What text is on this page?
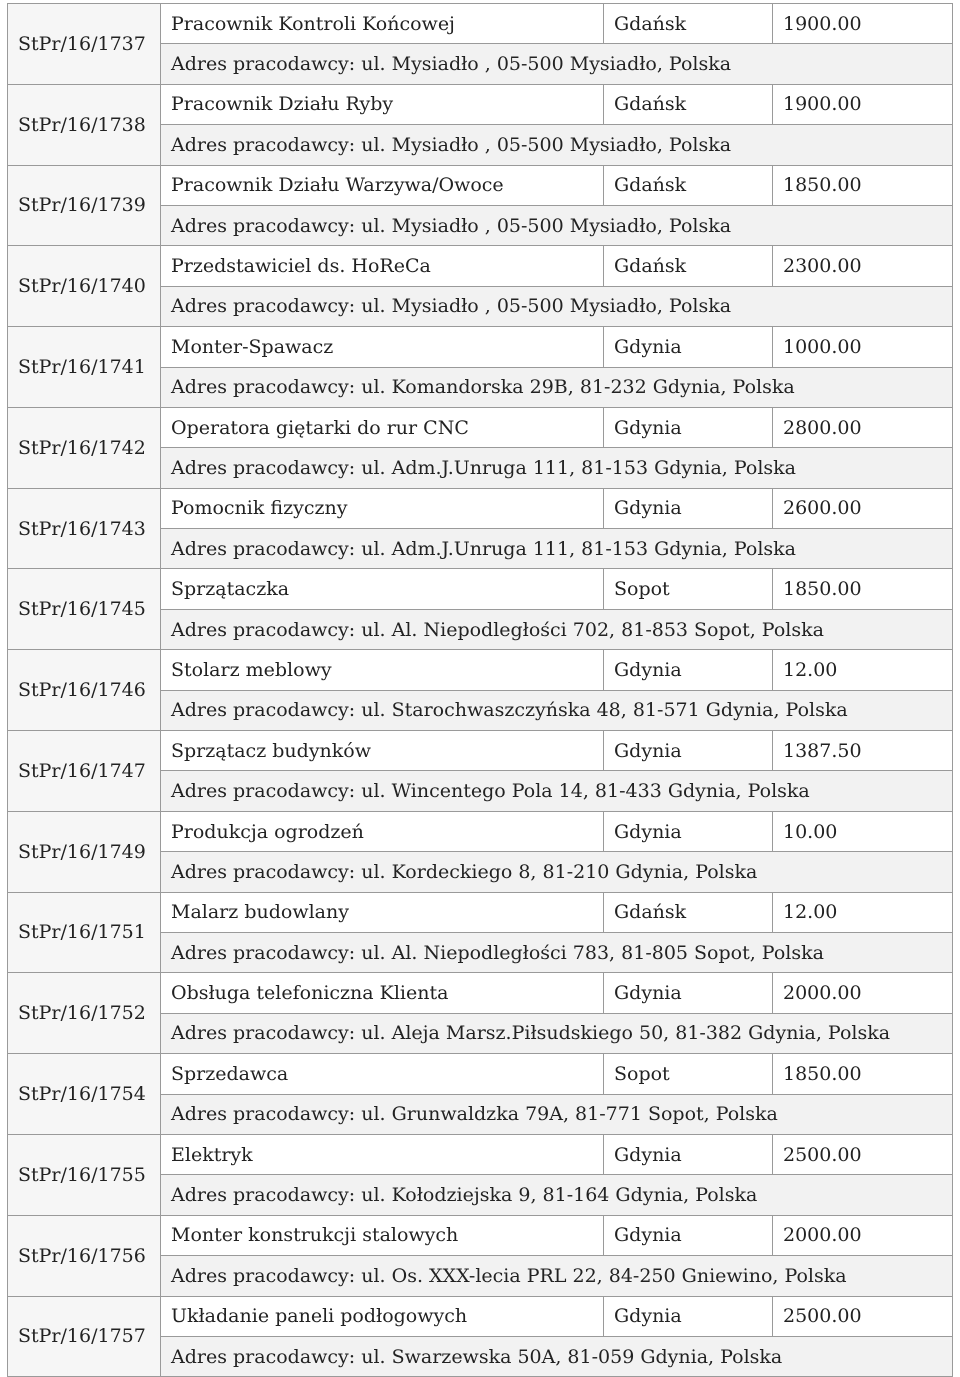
StPr/16/1737	Pracownik Kontroli Końcowej	Gdańsk	1900.00
	Adres pracodawcy: ul. Mysiadło , 05-500 Mysiadło, Polska		
StPr/16/1738	Pracownik Działu Ryby	Gdańsk	1900.00
	Adres pracodawcy: ul. Mysiadło , 05-500 Mysiadło, Polska		
StPr/16/1739	Pracownik Działu Warzywa/Owoce	Gdańsk	1850.00
	Adres pracodawcy: ul. Mysiadło , 05-500 Mysiadło, Polska		
StPr/16/1740	Przedstawiciel ds. HoReCa	Gdańsk	2300.00
	Adres pracodawcy: ul. Mysiadło , 05-500 Mysiadło, Polska		
StPr/16/1741	Monter-Spawacz	Gdynia	1000.00
	Adres pracodawcy: ul. Komandorska 29B, 81-232 Gdynia, Polska		
StPr/16/1742	Operatora giętarki do rur CNC	Gdynia	2800.00
	Adres pracodawcy: ul. Adm.J.Unruga 111, 81-153 Gdynia, Polska		
StPr/16/1743	Pomocnik fizyczny	Gdynia	2600.00
	Adres pracodawcy: ul. Adm.J.Unruga 111, 81-153 Gdynia, Polska		
StPr/16/1745	Sprzątaczka	Sopot	1850.00
	Adres pracodawcy: ul. Al. Niepodległości 702, 81-853 Sopot, Polska		
StPr/16/1746	Stolarz meblowy	Gdynia	12.00
	Adres pracodawcy: ul. Starochwaszczyńska 48, 81-571 Gdynia, Polska		
StPr/16/1747	Sprzątacz budynków	Gdynia	1387.50
	Adres pracodawcy: ul. Wincentego Pola 14, 81-433 Gdynia, Polska		
StPr/16/1749	Produkcja ogrodzeń	Gdynia	10.00
	Adres pracodawcy: ul. Kordeckiego 8, 81-210 Gdynia, Polska		
StPr/16/1751	Malarz budowlany	Gdańsk	12.00
	Adres pracodawcy: ul. Al. Niepodległości 783, 81-805 Sopot, Polska		
StPr/16/1752	Obsługa telefoniczna Klienta	Gdynia	2000.00
	Adres pracodawcy: ul. Aleja Marsz.Piłsudskiego 50, 81-382 Gdynia, Polska		
StPr/16/1754	Sprzedawca	Sopot	1850.00
	Adres pracodawcy: ul. Grunwaldzka 79A, 81-771 Sopot, Polska		
StPr/16/1755	Elektryk	Gdynia	2500.00
	Adres pracodawcy: ul. Kołodziejska 9, 81-164 Gdynia, Polska		
StPr/16/1756	Monter konstrukcji stalowych	Gdynia	2000.00
	Adres pracodawcy: ul. Os. XXX-lecia PRL 22, 84-250 Gniewino, Polska		
StPr/16/1757	Układanie paneli podłogowych	Gdynia	2500.00
	Adres pracodawcy: ul. Swarzewska 50A, 81-059 Gdynia, Polska		
